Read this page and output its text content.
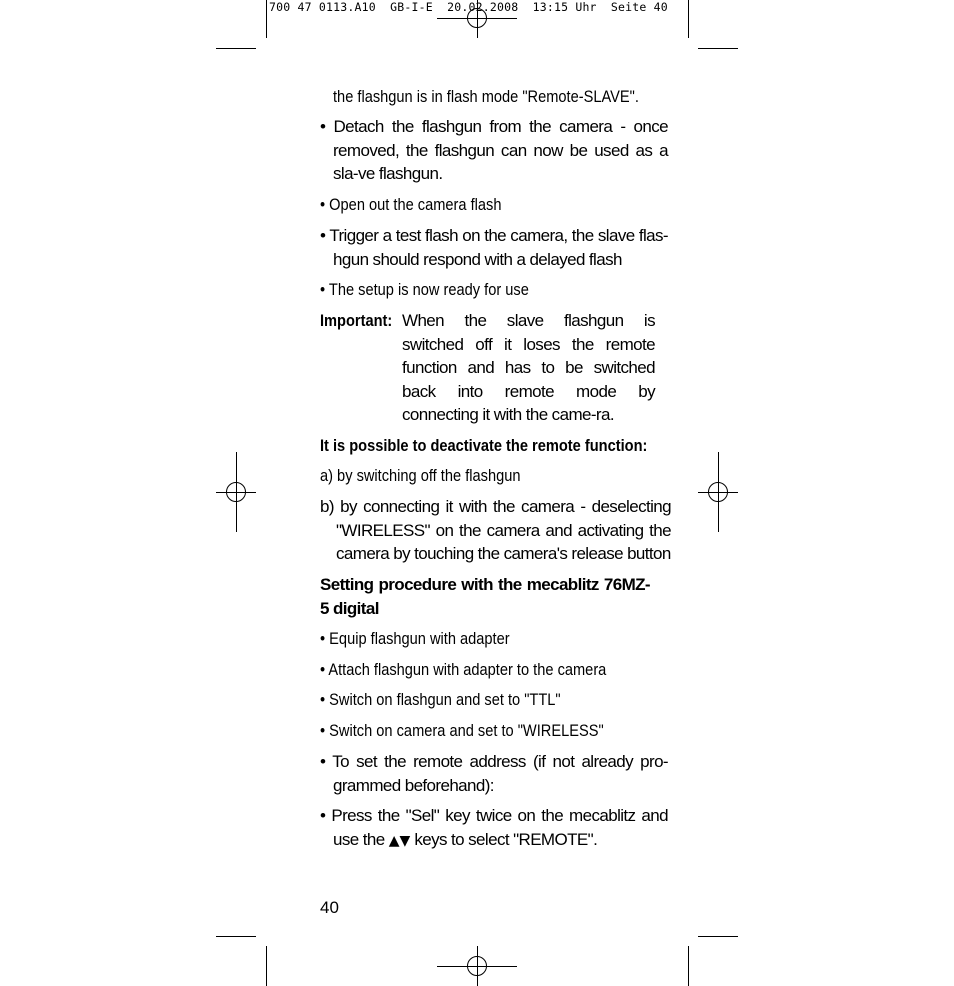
700 47 0113.A10  GB-I-E  20.02.2008  13:15 Uhr  Seite 40
the flashgun is in flash mode "Remote-SLAVE".
• Detach the flashgun from the camera - once removed, the flashgun can now be used as a sla-ve flashgun.
• Open out the camera flash
• Trigger a test flash on the camera, the slave flas-hgun should respond with a delayed flash
• The setup is now ready for use
Important: When the slave flashgun is switched off it loses the remote function and has to be switched back into remote mode by connecting it with the came-ra.
It is possible to deactivate the remote function:
a) by switching off the flashgun
b) by connecting it with the camera - deselecting "WIRELESS" on the camera and activating the camera by touching the camera's release button
Setting procedure with the mecablitz 76MZ-5 digital
• Equip flashgun with adapter
• Attach flashgun with adapter to the camera
• Switch on flashgun and set to "TTL"
• Switch on camera and set to "WIRELESS"
• To set the remote address (if not already pro-grammed beforehand):
• Press the "Sel" key twice on the mecablitz and use the ▲▼ keys to select "REMOTE".
40
